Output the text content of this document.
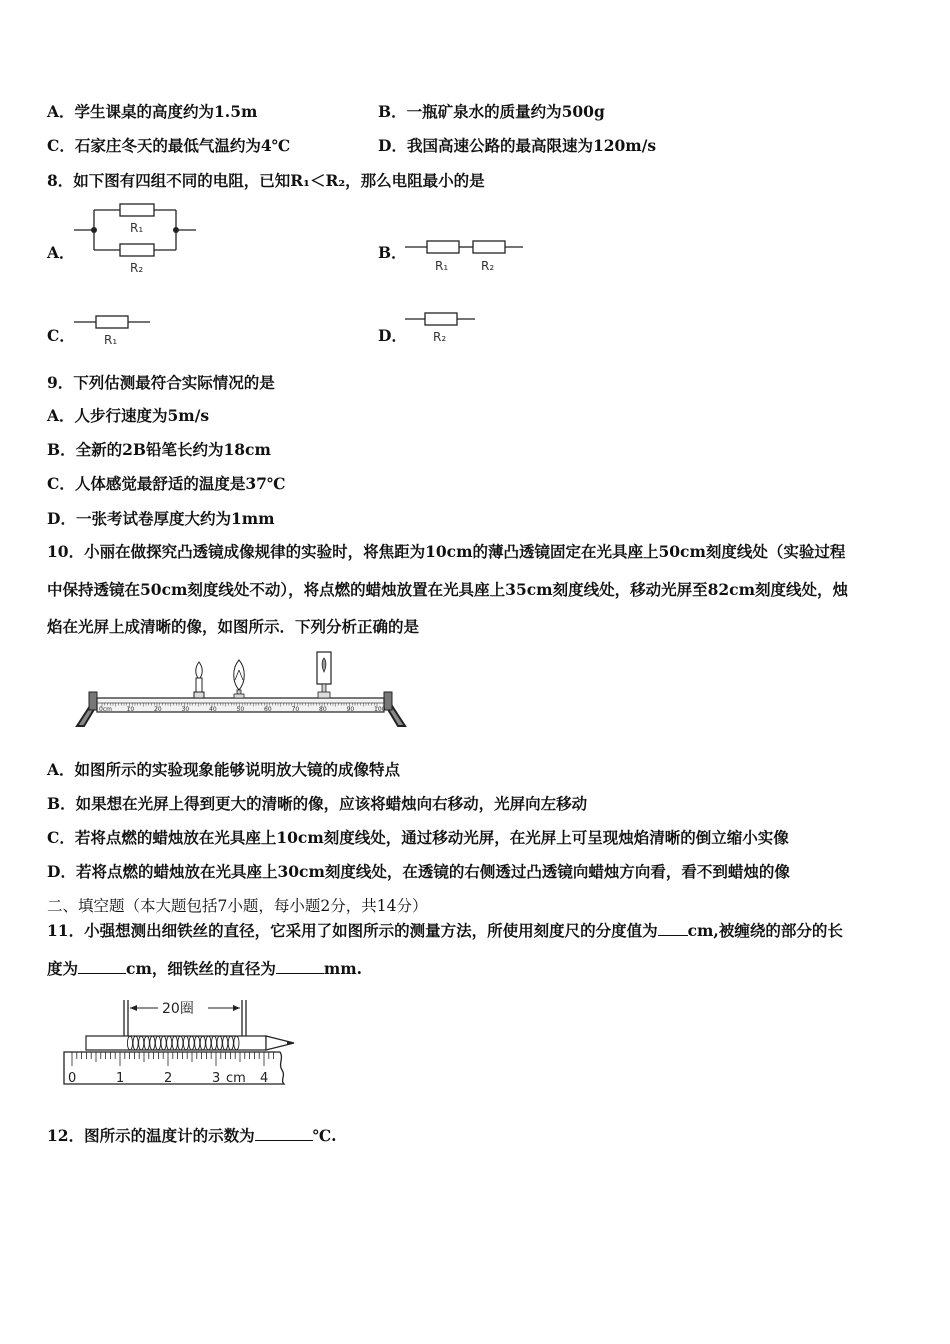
A．学生课桌的高度约为1.5m	B．一瓶矿泉水的质量约为500g
C．石家庄冬天的最低气温约为4℃	D．我国高速公路的最高限速为120m/s
8．如下图有四组不同的电阻，已知R₁＜R₂，那么电阻最小的是
A．
R₁
R₂
B．
R₁	R₂
C． R₁	D． R₂
9．下列估测最符合实际情况的是
A．人步行速度为5m/s
B．全新的2B铅笔长约为18cm
C．人体感觉最舒适的温度是37℃
D．一张考试卷厚度大约为1mm
10．小丽在做探究凸透镜成像规律的实验时，将焦距为10cm的薄凸透镜固定在光具座上50cm刻度线处（实验过程
中保持透镜在50cm刻度线处不动），将点燃的蜡烛放置在光具座上35cm刻度线处，移动光屏至82cm刻度线处，烛
焰在光屏上成清晰的像，如图所示．下列分析正确的是
0cm 10	20	30	40	50	60	70	80	90	100
A．如图所示的实验现象能够说明放大镜的成像特点
B．如果想在光屏上得到更大的清晰的像，应该将蜡烛向右移动，光屏向左移动
C．若将点燃的蜡烛放在光具座上10cm刻度线处，通过移动光屏，在光屏上可呈现烛焰清晰的倒立缩小实像
D．若将点燃的蜡烛放在光具座上30cm刻度线处，在透镜的右侧透过凸透镜向蜡烛方向看，看不到蜡烛的像
二、填空题（本大题包括7小题，每小题2分，共14分）
11．小强想测出细铁丝的直径，它采用了如图所示的测量方法，所使用刻度尺的分度值为 cm,被缠绕的部分的长
度为	cm，细铁丝的直径为	mm.
20圈
0	1	2	3 cm 4
12．图所示的温度计的示数为	℃.
